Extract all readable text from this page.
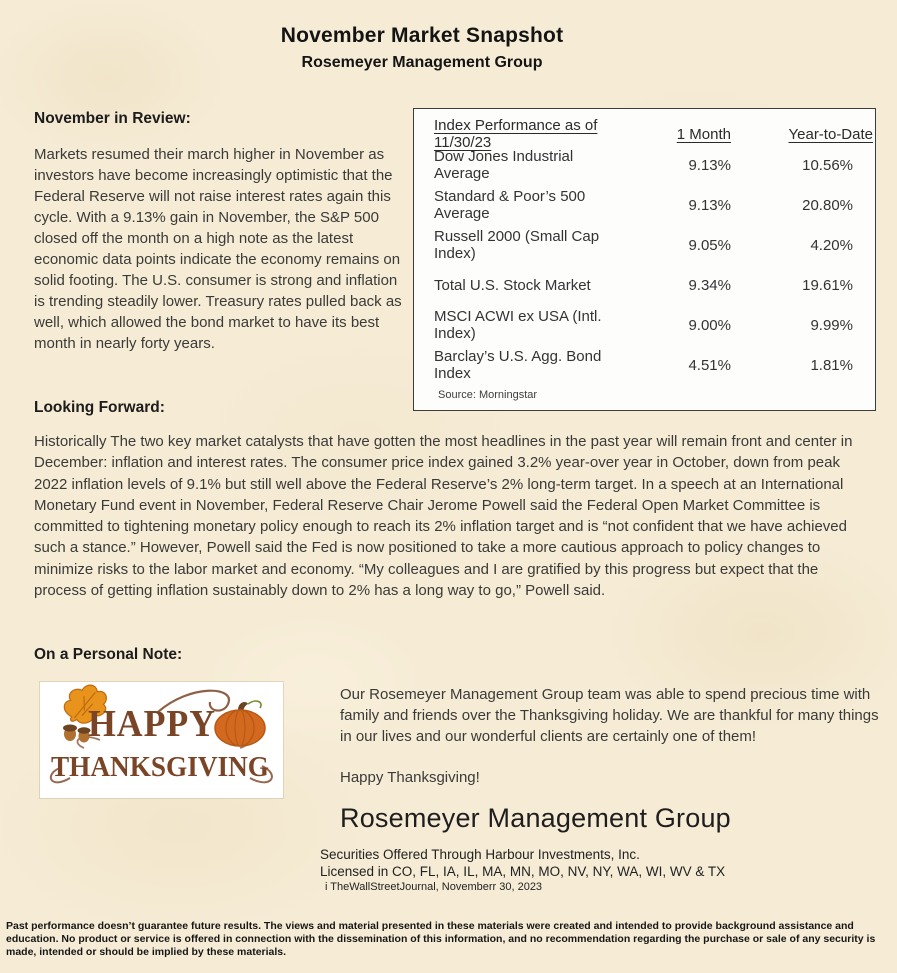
November Market Snapshot
Rosemeyer Management Group
November in Review:
Markets resumed their march higher in November as investors have become increasingly optimistic that the Federal Reserve will not raise interest rates again this cycle. With a 9.13% gain in November, the S&P 500 closed off the month on a high note as the latest economic data points indicate the economy remains on solid footing. The U.S. consumer is strong and inflation is trending steadily lower. Treasury rates pulled back as well, which allowed the bond market to have its best month in nearly forty years.
Index Performance as of 11/30/23	1 Month	Year-to-Date
Dow Jones Industrial Average	9.13%	10.56%
Standard & Poor’s 500 Average	9.13%	20.80%
Russell 2000 (Small Cap Index)	9.05%	4.20%
Total U.S. Stock Market	9.34%	19.61%
MSCI ACWI ex USA (Intl. Index)	9.00%	9.99%
Barclay’s U.S. Agg. Bond Index	4.51%	1.81%
Source: Morningstar
Looking Forward:
Historically The two key market catalysts that have gotten the most headlines in the past year will remain front and center in December: inflation and interest rates. The consumer price index gained 3.2% year-over year in October, down from peak 2022 inflation levels of 9.1% but still well above the Federal Reserve’s 2% long-term target. In a speech at an International Monetary Fund event in November, Federal Reserve Chair Jerome Powell said the Federal Open Market Committee is committed to tightening monetary policy enough to reach its 2% inflation target and is “not confident that we have achieved such a stance.” However, Powell said the Fed is now positioned to take a more cautious approach to policy changes to minimize risks to the labor market and economy. “My colleagues and I are gratified by this progress but expect that the process of getting inflation sustainably down to 2% has a long way to go,” Powell said.
On a Personal Note:
HAPPY
THANKSGIVING
Our Rosemeyer Management Group team was able to spend precious time with family and friends over the Thanksgiving holiday. We are thankful for many things in our lives and our wonderful clients are certainly one of them!
Happy Thanksgiving!
Rosemeyer Management Group
Securities Offered Through Harbour Investments, Inc.
Licensed in CO, FL, IA, IL, MA, MN, MO, NV, NY, WA, WI, WV & TX
i TheWallStreetJournal, Novemberr 30, 2023
Past performance doesn’t guarantee future results. The views and material presented in these materials were created and intended to provide background assistance and education. No product or service is offered in connection with the dissemination of this information, and no recommendation regarding the purchase or sale of any security is made, intended or should be implied by these materials.
